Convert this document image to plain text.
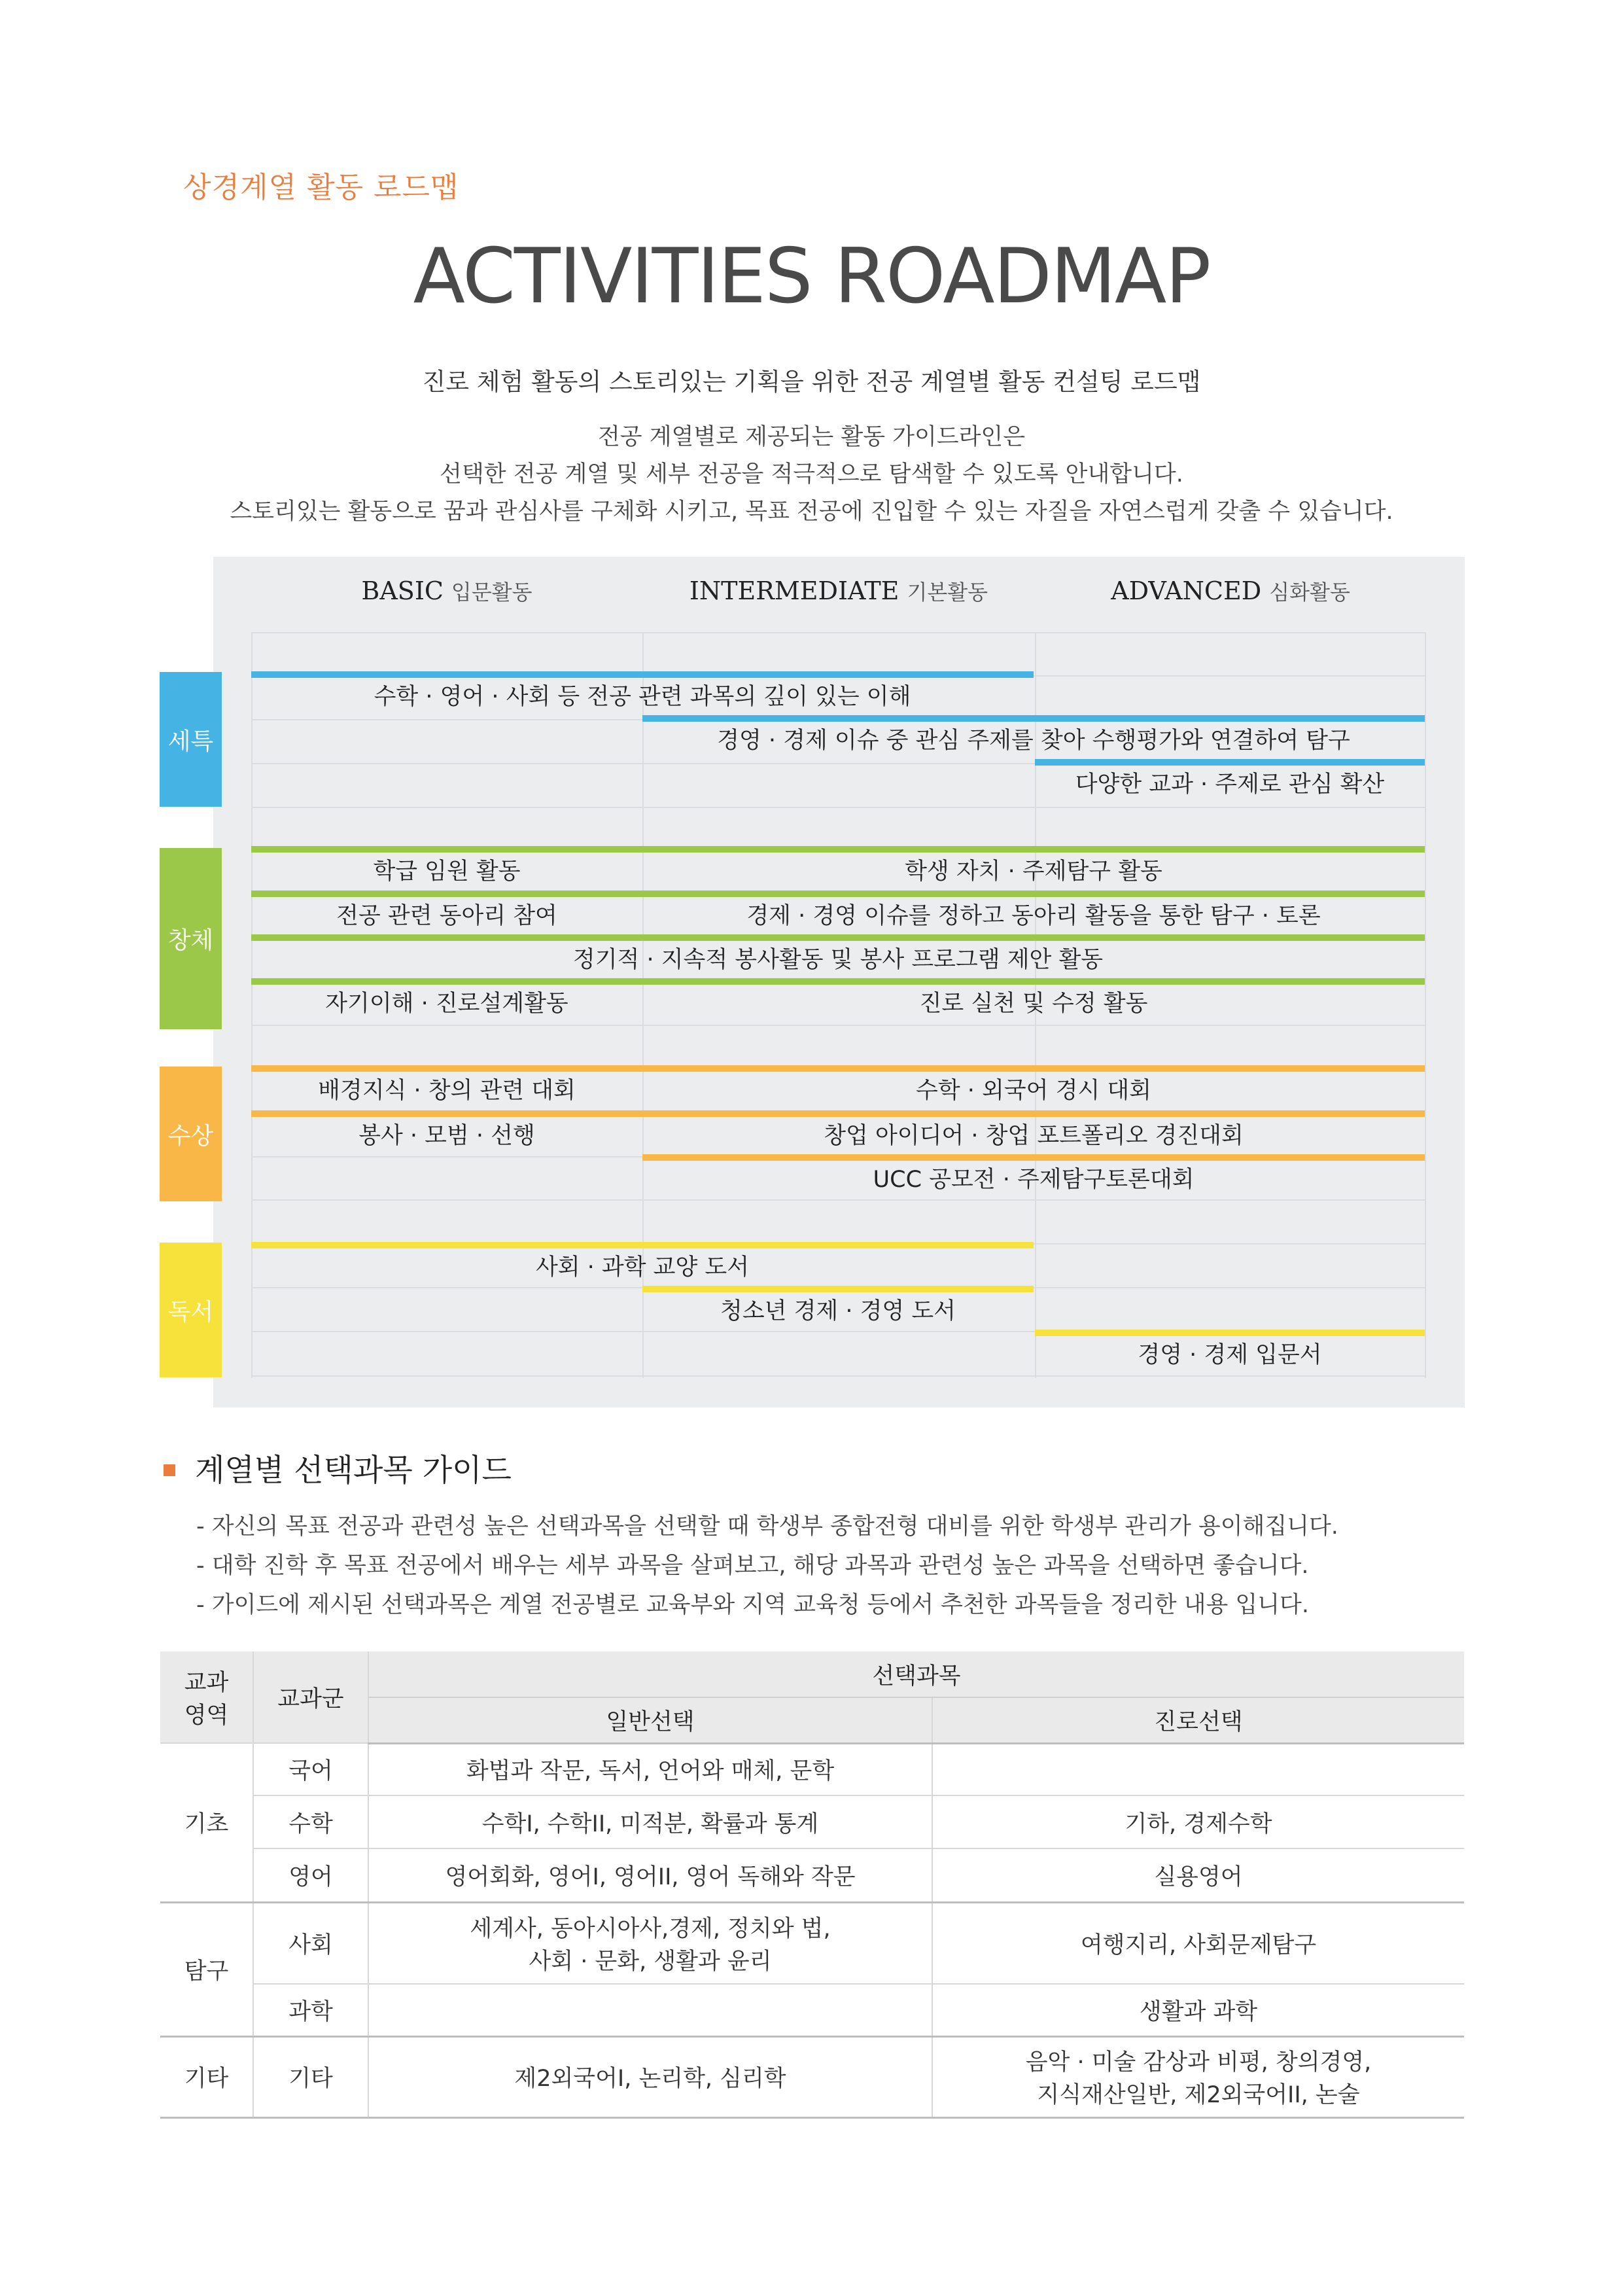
상경계열 활동 로드맵
ACTIVITIES ROADMAP
진로 체험 활동의 스토리있는 기획을 위한 전공 계열별 활동 컨설팅 로드맵
전공 계열별로 제공되는 활동 가이드라인은
선택한 전공 계열 및 세부 전공을 적극적으로 탐색할 수 있도록 안내합니다.
스토리있는 활동으로 꿈과 관심사를 구체화 시키고, 목표 전공에 진입할 수 있는 자질을 자연스럽게 갖출 수 있습니다.
BASIC 입문활동	INTERMEDIATE 기본활동	ADVANCED 심화활동
세특
창체
수상
독서
수학 · 영어 · 사회 등 전공 관련 과목의 깊이 있는 이해
경영 · 경제 이슈 중 관심 주제를 찾아 수행평가와 연결하여 탐구
다양한 교과 · 주제로 관심 확산
학급 임원 활동	학생 자치 · 주제탐구 활동
전공 관련 동아리 참여	경제 · 경영 이슈를 정하고 동아리 활동을 통한 탐구 · 토론
정기적 · 지속적 봉사활동 및 봉사 프로그램 제안 활동
자기이해 · 진로설계활동	진로 실천 및 수정 활동
배경지식 · 창의 관련 대회	수학 · 외국어 경시 대회
봉사 · 모범 · 선행	창업 아이디어 · 창업 포트폴리오 경진대회
UCC 공모전 · 주제탐구토론대회
사회 · 과학 교양 도서
청소년 경제 · 경영 도서
경영 · 경제 입문서
계열별 선택과목 가이드
- 자신의 목표 전공과 관련성 높은 선택과목을 선택할 때 학생부 종합전형 대비를 위한 학생부 관리가 용이해집니다.
- 대학 진학 후 목표 전공에서 배우는 세부 과목을 살펴보고, 해당 과목과 관련성 높은 과목을 선택하면 좋습니다.
- 가이드에 제시된 선택과목은 계열 전공별로 교육부와 지역 교육청 등에서 추천한 과목들을 정리한 내용 입니다.
교과
영역	교과군	선택과목	
		일반선택	진로선택
기초	국어	화법과 작문, 독서, 언어와 매체, 문학	
	수학	수학I, 수학II, 미적분, 확률과 통계	기하, 경제수학
	영어	영어회화, 영어I, 영어II, 영어 독해와 작문	실용영어
탐구	사회	세계사, 동아시아사,경제, 정치와 법,
사회 · 문화, 생활과 윤리	여행지리, 사회문제탐구
	과학		생활과 과학
기타	기타	제2외국어I, 논리학, 심리학	음악 · 미술 감상과 비평, 창의경영,
지식재산일반, 제2외국어II, 논술
